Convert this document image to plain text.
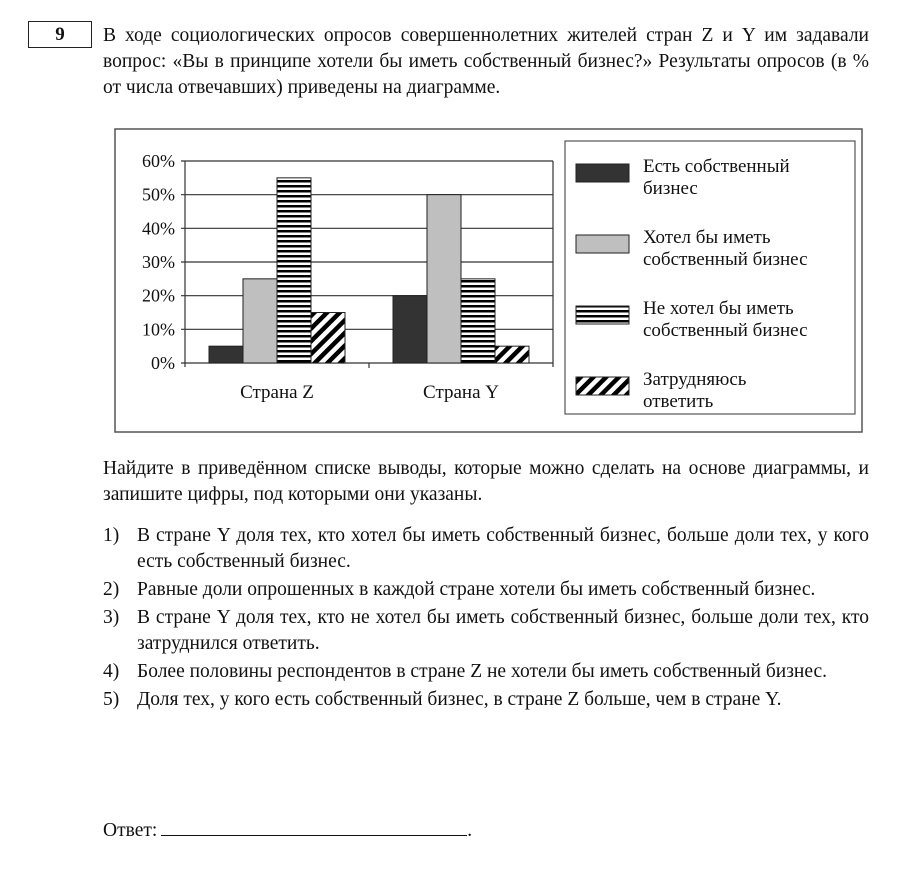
9	В ходе социологических опросов совершеннолетних жителей стран Z и Y им задавали вопрос: «Вы в принципе хотели бы иметь собственный бизнес?» Результаты опросов (в % от числа отвечавших) приведены на диаграмме.
0%
10%
20%
30%
40%
50%
60%
Страна Z	Страна Y
Есть собственный
бизнес
Хотел бы иметь
собственный бизнес
Не хотел бы иметь
собственный бизнес
Затрудняюсь
ответить
Найдите в приведённом списке выводы, которые можно сделать на основе диаграммы, и запишите цифры, под которыми они указаны.
1) В стране Y доля тех, кто хотел бы иметь собственный бизнес, больше доли тех, у кого есть собственный бизнес.
2) Равные доли опрошенных в каждой стране хотели бы иметь собственный бизнес.
3) В стране Y доля тех, кто не хотел бы иметь собственный бизнес, больше доли тех, кто затруднился ответить.
4) Более половины респондентов в стране Z не хотели бы иметь собственный бизнес.
5) Доля тех, у кого есть собственный бизнес, в стране Z больше, чем в стране Y.
Ответ:	.
